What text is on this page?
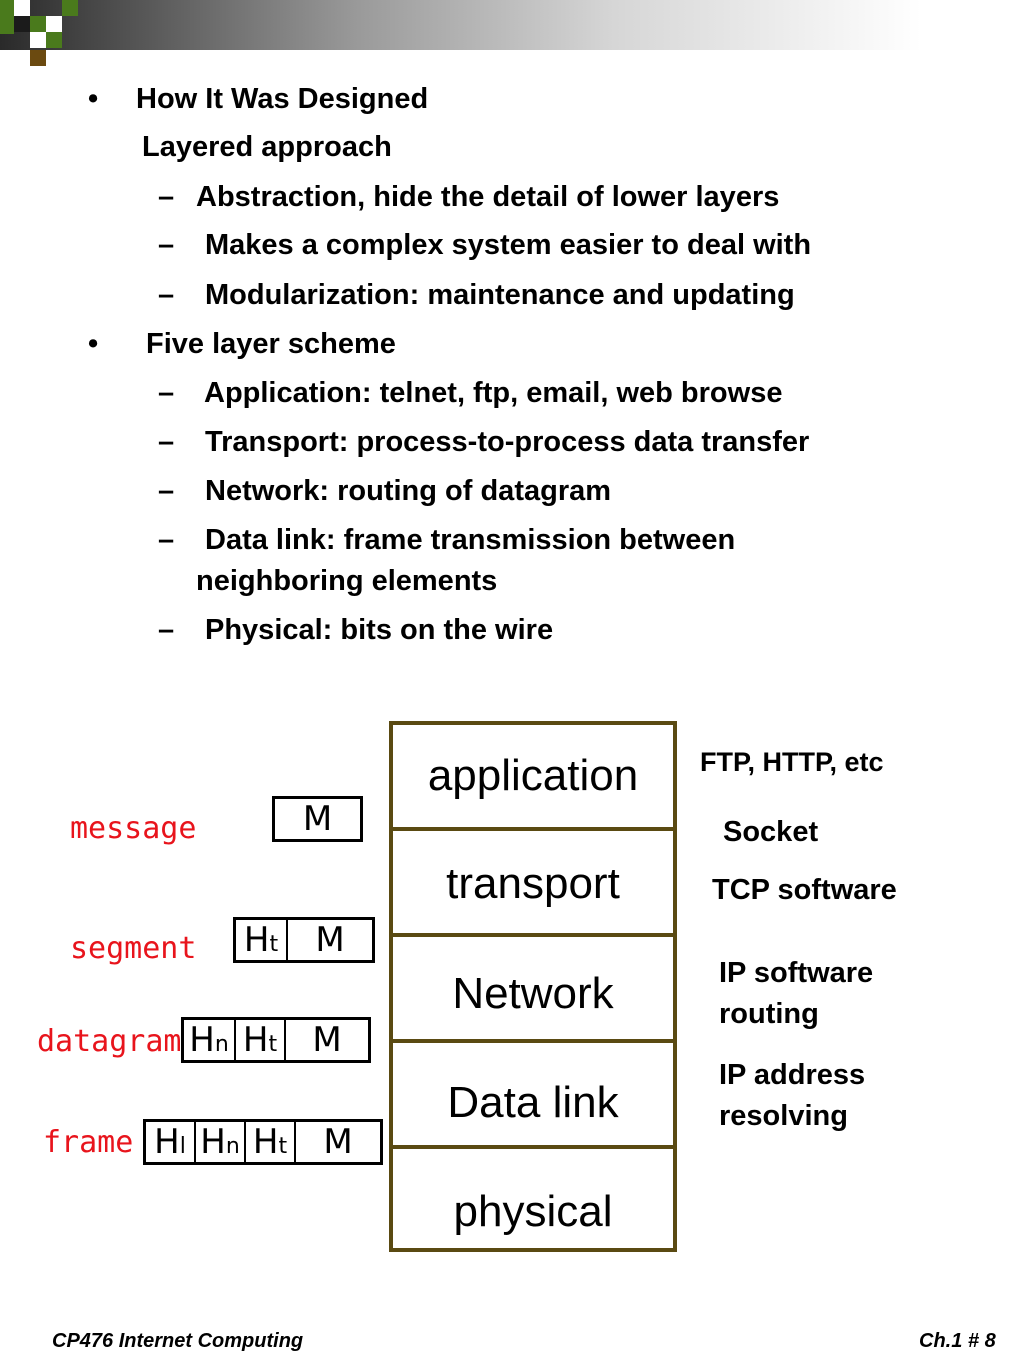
• How It Was Designed
Layered approach
– Abstraction, hide the detail of lower layers
– Makes a complex system easier to deal with
– Modularization: maintenance and updating
• Five layer scheme
– Application: telnet, ftp, email, web browse
– Transport: process-to-process data transfer
– Network: routing of datagram
– Data link: frame transmission between
neighboring elements
– Physical: bits on the wire
application
transport
Network
Data link
physical
message
segment
datagram
frame
M
Ht	M
Hn Ht	M
Hl Hn Ht	M
FTP, HTTP, etc
Socket
TCP software
IP software
routing
IP address
resolving
CP476 Internet Computing	Ch.1 # 8
